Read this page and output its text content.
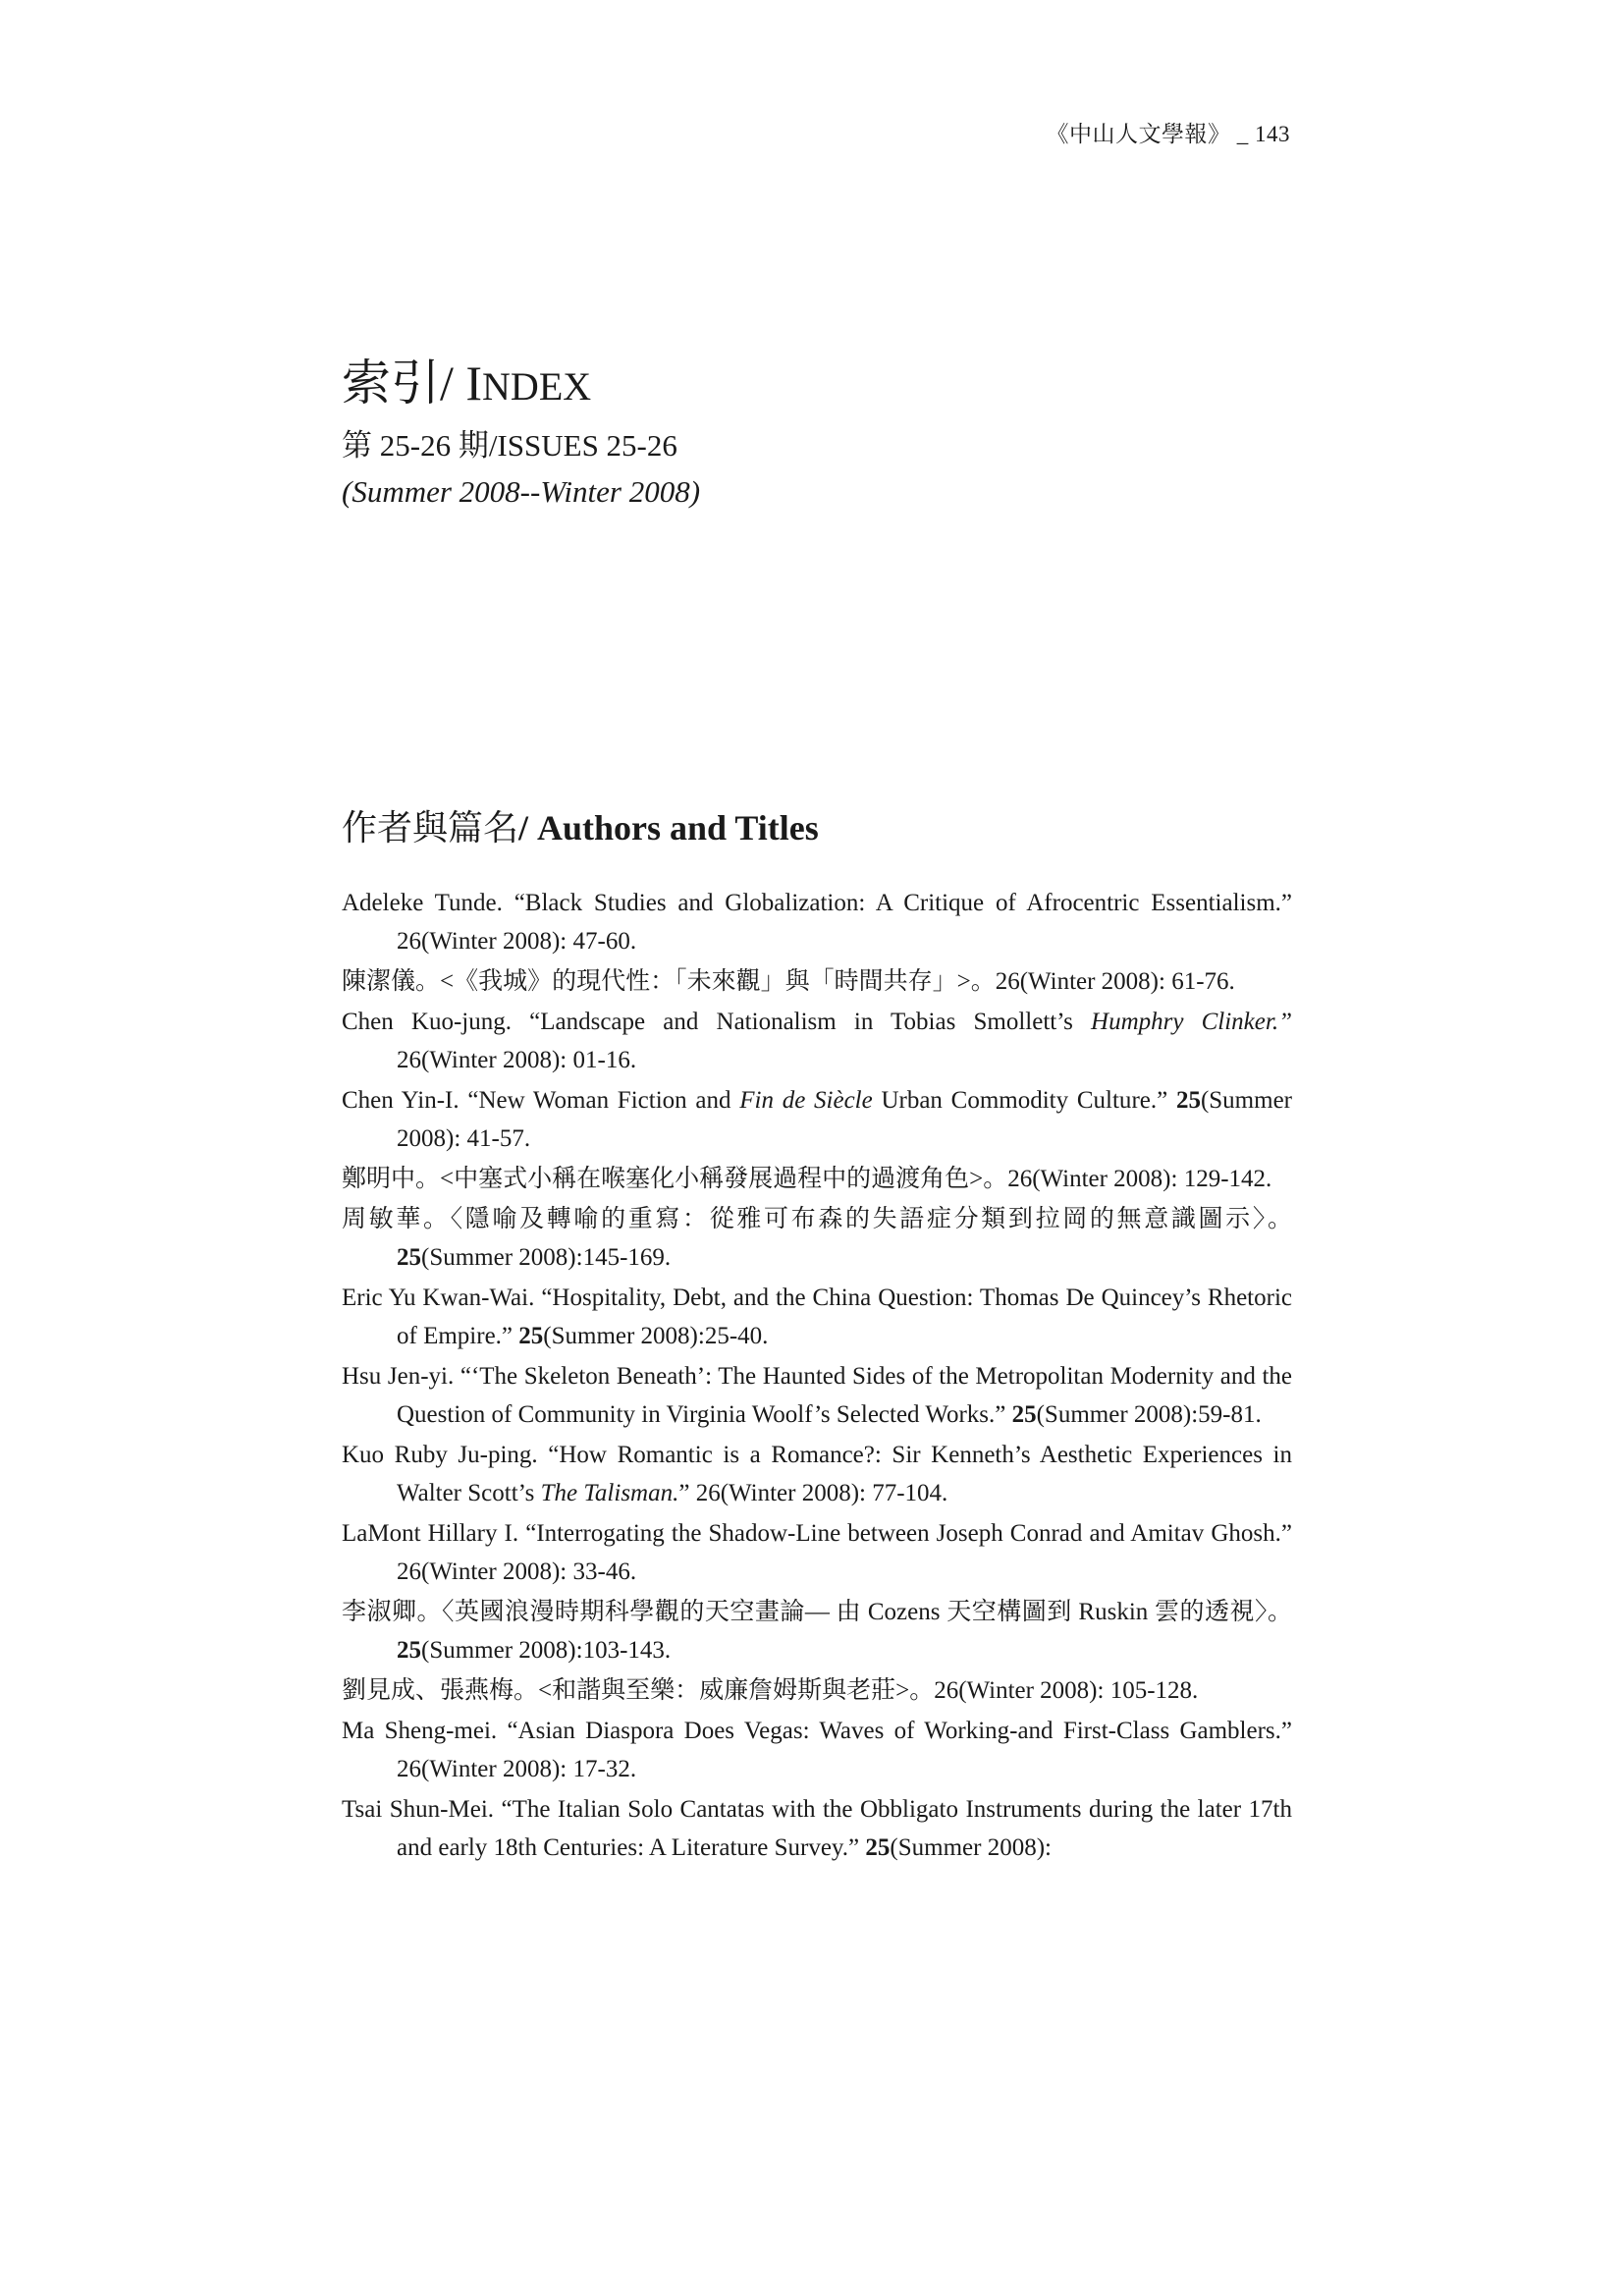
《中山人文學報》 _ 143
索引/ INDEX
第 25-26 期/ISSUES 25-26
(Summer 2008--Winter 2008)
作者與篇名/ Authors and Titles
Adeleke Tunde. “Black Studies and Globalization: A Critique of Afrocentric Essentialism.”　26(Winter 2008): 47-60.
陳潔儀。<《我城》的現代性：「未來觀」與「時間共存」>。26(Winter 2008): 61-76.
Chen Kuo-jung. “Landscape and Nationalism in Tobias Smollett’s Humphry Clinker.” 26(Winter 2008): 01-16.
Chen Yin-I. “New Woman Fiction and Fin de Siècle Urban Commodity Culture.” 25(Summer 2008): 41-57.
鄭明中。<中塞式小稱在喉塞化小稱發展過程中的過渡角色>。26(Winter 2008): 129-142.
周敏華。〈隱喻及轉喻的重寫：從雅可布森的失語症分類到拉岡的無意識圖示〉。25(Summer 2008):145-169.
Eric Yu Kwan-Wai. “Hospitality, Debt, and the China Question: Thomas De Quincey’s Rhetoric of Empire.” 25(Summer 2008):25-40.
Hsu Jen-yi. “‘The Skeleton Beneath’: The Haunted Sides of the Metropolitan Modernity and the Question of Community in Virginia Woolf’s Selected Works.” 25(Summer 2008):59-81.
Kuo Ruby Ju-ping. “How Romantic is a Romance?: Sir Kenneth’s Aesthetic Experiences in Walter Scott’s The Talisman.” 26(Winter 2008): 77-104.
LaMont Hillary I. “Interrogating the Shadow-Line between Joseph Conrad and Amitav Ghosh.” 26(Winter 2008): 33-46.
李淑卿。〈英國浪漫時期科學觀的天空畫論— 由 Cozens 天空構圖到 Ruskin 雲的透視〉。25(Summer 2008):103-143.
劉見成、張燕梅。<和諧與至樂：威廉詹姆斯與老莊>。26(Winter 2008): 105-128.
Ma Sheng-mei. “Asian Diaspora Does Vegas: Waves of Working-and First-Class Gamblers.” 26(Winter 2008): 17-32.
Tsai Shun-Mei. “The Italian Solo Cantatas with the Obbligato Instruments during the later 17th and early 18th Centuries: A Literature Survey.” 25(Summer 2008):
